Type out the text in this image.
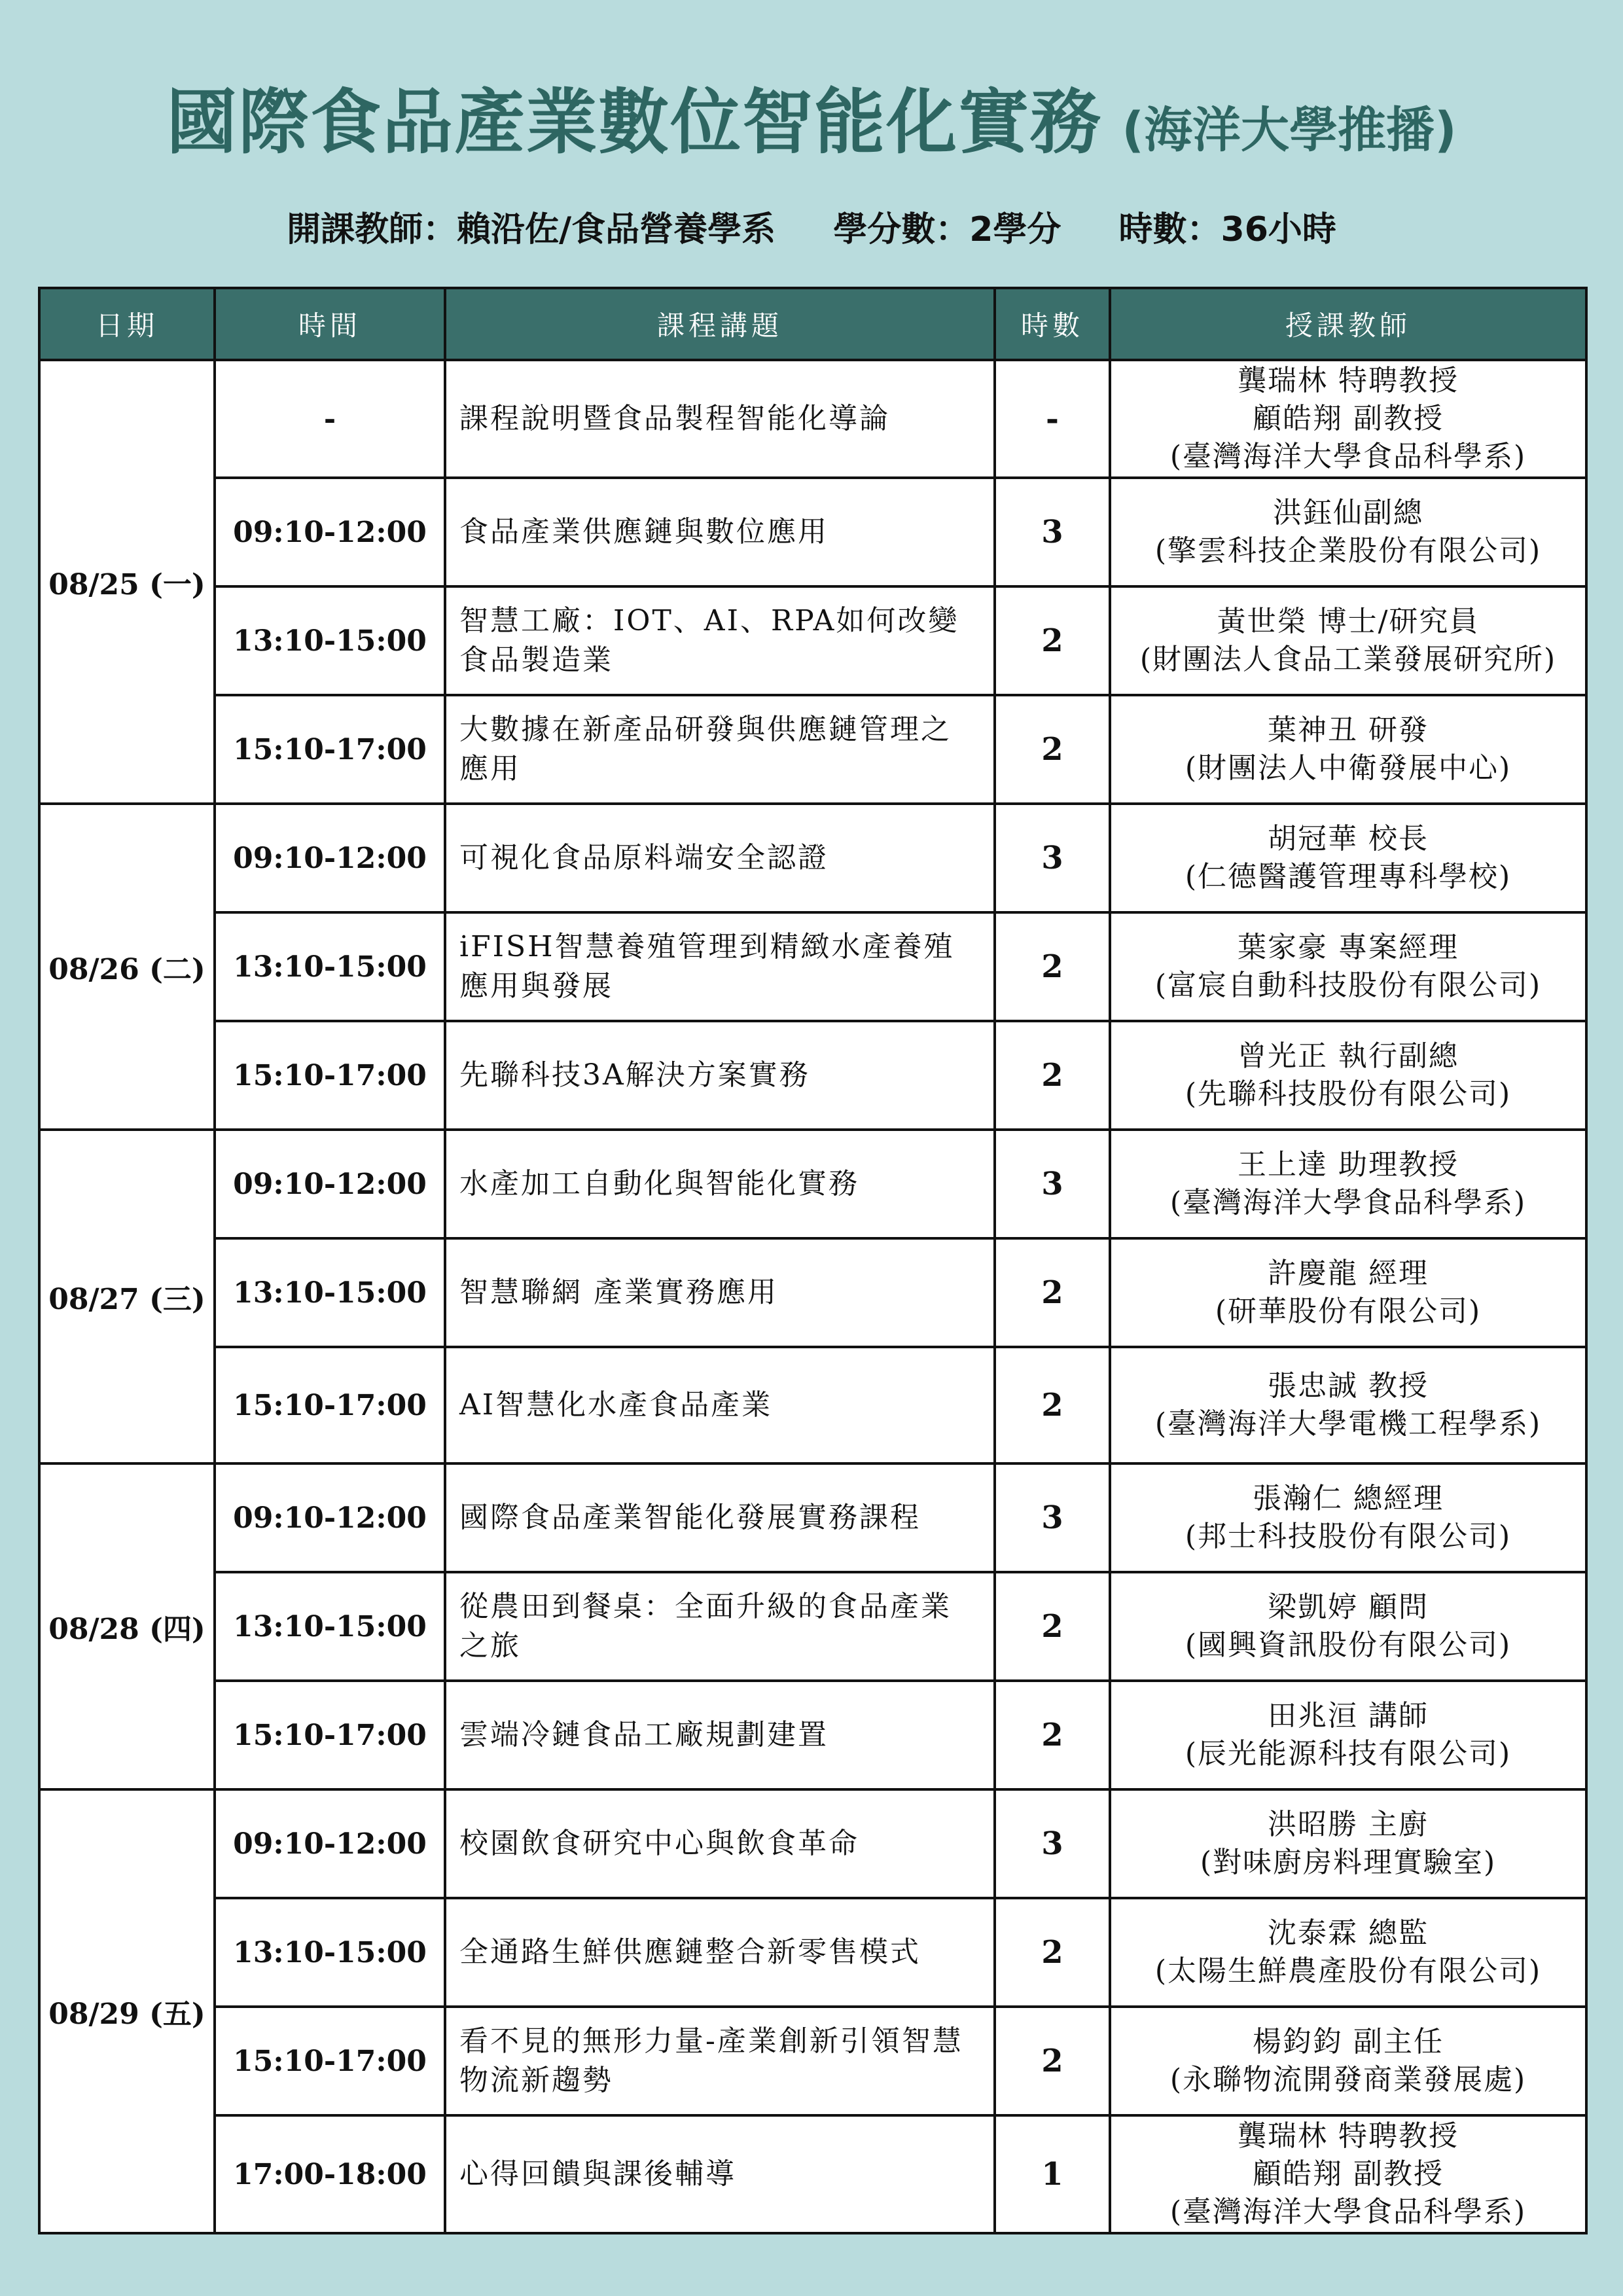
國際食品產業數位智能化實務 (海洋大學推播)
開課教師：賴沿佐/食品營養學系 學分數：2學分 時數：36小時
日期	時間	課程講題	時數	授課教師
08/25 (一)	-	課程說明暨食品製程智能化導論	-	龔瑞林 特聘教授
顧皓翔 副教授
(臺灣海洋大學食品科學系)

	09:10-12:00	食品產業供應鏈與數位應用	3	洪鈺仙副總
(擎雲科技企業股份有限公司)

	13:10-15:00	智慧工廠：IOT、AI、RPA如何改變食品製造業	2	黃世榮 博士/研究員
(財團法人食品工業發展研究所)

	15:10-17:00	大數據在新產品研發與供應鏈管理之應用	2	葉神丑 研發
(財團法人中衛發展中心)

08/26 (二)	09:10-12:00	可視化食品原料端安全認證	3	胡冠華 校長
(仁德醫護管理專科學校)

	13:10-15:00	iFISH智慧養殖管理到精緻水產養殖應用與發展	2	葉家豪 專案經理
(富宸自動科技股份有限公司)

	15:10-17:00	先聯科技3A解決方案實務	2	曾光正 執行副總
(先聯科技股份有限公司)

08/27 (三)	09:10-12:00	水產加工自動化與智能化實務	3	王上達 助理教授
(臺灣海洋大學食品科學系)

	13:10-15:00	智慧聯網 產業實務應用	2	許慶龍 經理
(研華股份有限公司)

	15:10-17:00	AI智慧化水產食品產業	2	張忠誠 教授
(臺灣海洋大學電機工程學系)

08/28 (四)	09:10-12:00	國際食品產業智能化發展實務課程	3	張瀚仁 總經理
(邦士科技股份有限公司)

	13:10-15:00	從農田到餐桌：全面升級的食品產業之旅	2	梁凱婷 顧問
(國興資訊股份有限公司)

	15:10-17:00	雲端冷鏈食品工廠規劃建置	2	田兆洹 講師
(辰光能源科技有限公司)

08/29 (五)	09:10-12:00	校園飲食研究中心與飲食革命	3	洪昭勝 主廚
(對味廚房料理實驗室)

	13:10-15:00	全通路生鮮供應鏈整合新零售模式	2	沈泰霖 總監
(太陽生鮮農產股份有限公司)

	15:10-17:00	看不見的無形力量-產業創新引領智慧物流新趨勢	2	楊鈞鈞 副主任
(永聯物流開發商業發展處)

	17:00-18:00	心得回饋與課後輔導	1	龔瑞林 特聘教授
顧皓翔 副教授
(臺灣海洋大學食品科學系)
